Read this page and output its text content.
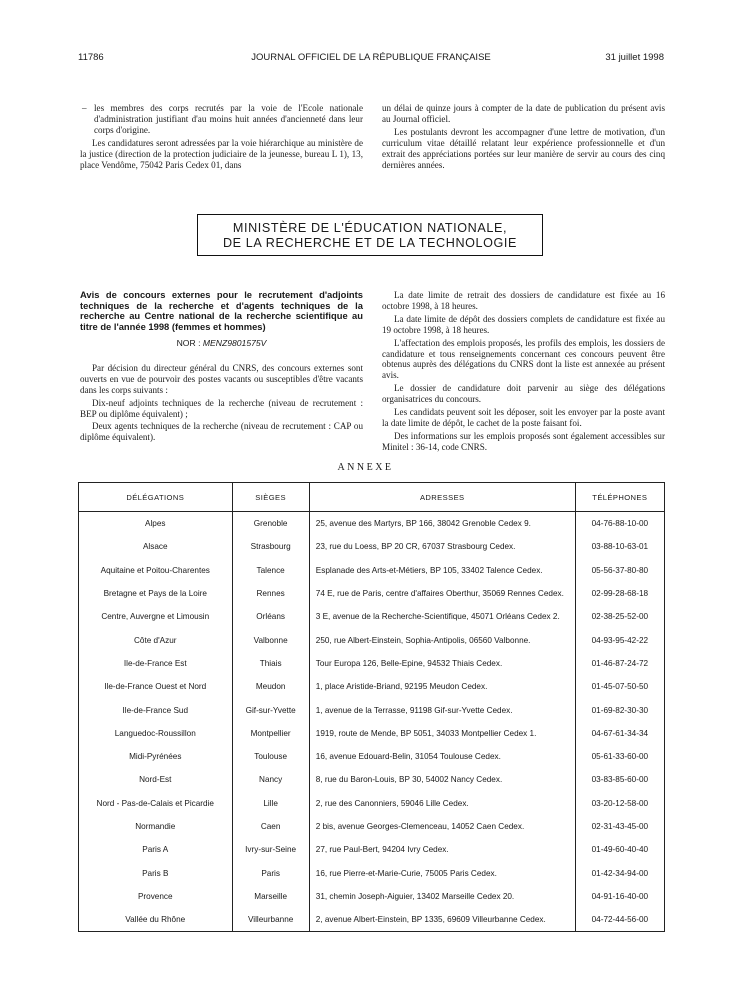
11786	JOURNAL OFFICIEL DE LA RÉPUBLIQUE FRANÇAISE	31 juillet 1998

– les membres des corps recrutés par la voie de l'Ecole nationale d'administration justifiant d'au moins huit années d'ancienneté dans leur corps d'origine.

Les candidatures seront adressées par la voie hiérarchique au ministère de la justice (direction de la protection judiciaire de la jeunesse, bureau L 1), 13, place Vendôme, 75042 Paris Cedex 01, dans

un délai de quinze jours à compter de la date de publication du présent avis au Journal officiel.

Les postulants devront les accompagner d'une lettre de motivation, d'un curriculum vitae détaillé relatant leur expérience professionnelle et d'un extrait des appréciations portées sur leur manière de servir au cours des cinq dernières années.

MINISTÈRE DE L'ÉDUCATION NATIONALE,
DE LA RECHERCHE ET DE LA TECHNOLOGIE
Avis de concours externes pour le recrutement d'adjoints techniques de la recherche et d'agents techniques de la recherche au Centre national de la recherche scientifique au titre de l'année 1998 (femmes et hommes)
NOR : MENZ9801575V

Par décision du directeur général du CNRS, des concours externes sont ouverts en vue de pourvoir des postes vacants ou susceptibles d'être vacants dans les corps suivants :

Dix-neuf adjoints techniques de la recherche (niveau de recrutement : BEP ou diplôme équivalent) ;

Deux agents techniques de la recherche (niveau de recrutement : CAP ou diplôme équivalent).

La date limite de retrait des dossiers de candidature est fixée au 16 octobre 1998, à 18 heures.

La date limite de dépôt des dossiers complets de candidature est fixée au 19 octobre 1998, à 18 heures.

L'affectation des emplois proposés, les profils des emplois, les dossiers de candidature et tous renseignements concernant ces concours peuvent être obtenus auprès des délégations du CNRS dont la liste est annexée au présent avis.

Le dossier de candidature doit parvenir au siège des délégations organisatrices du concours.

Les candidats peuvent soit les déposer, soit les envoyer par la poste avant la date limite de dépôt, le cachet de la poste faisant foi.

Des informations sur les emplois proposés sont également accessibles sur Minitel : 36-14, code CNRS.

ANNEXE
DÉLÉGATIONS	SIÈGES	ADRESSES	TÉLÉPHONES
Alpes	Grenoble	25, avenue des Martyrs, BP 166, 38042 Grenoble Cedex 9.	04-76-88-10-00
Alsace	Strasbourg	23, rue du Loess, BP 20 CR, 67037 Strasbourg Cedex.	03-88-10-63-01
Aquitaine et Poitou-Charentes	Talence	Esplanade des Arts-et-Métiers, BP 105, 33402 Talence Cedex.	05-56-37-80-80
Bretagne et Pays de la Loire	Rennes	74 E, rue de Paris, centre d'affaires Oberthur, 35069 Rennes Cedex.	02-99-28-68-18
Centre, Auvergne et Limousin	Orléans	3 E, avenue de la Recherche-Scientifique, 45071 Orléans Cedex 2.	02-38-25-52-00
Côte d'Azur	Valbonne	250, rue Albert-Einstein, Sophia-Antipolis, 06560 Valbonne.	04-93-95-42-22
Ile-de-France Est	Thiais	Tour Europa 126, Belle-Epine, 94532 Thiais Cedex.	01-46-87-24-72
Ile-de-France Ouest et Nord	Meudon	1, place Aristide-Briand, 92195 Meudon Cedex.	01-45-07-50-50
Ile-de-France Sud	Gif-sur-Yvette	1, avenue de la Terrasse, 91198 Gif-sur-Yvette Cedex.	01-69-82-30-30
Languedoc-Roussillon	Montpellier	1919, route de Mende, BP 5051, 34033 Montpellier Cedex 1.	04-67-61-34-34
Midi-Pyrénées	Toulouse	16, avenue Edouard-Belin, 31054 Toulouse Cedex.	05-61-33-60-00
Nord-Est	Nancy	8, rue du Baron-Louis, BP 30, 54002 Nancy Cedex.	03-83-85-60-00
Nord - Pas-de-Calais et Picardie	Lille	2, rue des Canonniers, 59046 Lille Cedex.	03-20-12-58-00
Normandie	Caen	2 bis, avenue Georges-Clemenceau, 14052 Caen Cedex.	02-31-43-45-00
Paris A	Ivry-sur-Seine	27, rue Paul-Bert, 94204 Ivry Cedex.	01-49-60-40-40
Paris B	Paris	16, rue Pierre-et-Marie-Curie, 75005 Paris Cedex.	01-42-34-94-00
Provence	Marseille	31, chemin Joseph-Aiguier, 13402 Marseille Cedex 20.	04-91-16-40-00
Vallée du Rhône	Villeurbanne	2, avenue Albert-Einstein, BP 1335, 69609 Villeurbanne Cedex.	04-72-44-56-00
